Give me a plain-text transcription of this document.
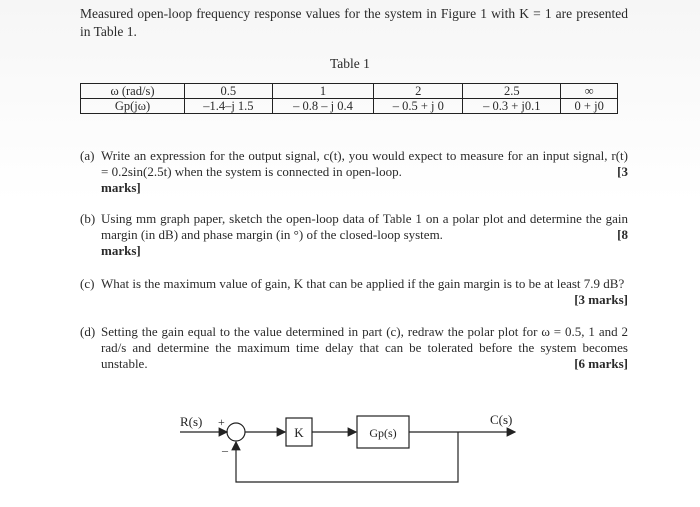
Measured open-loop frequency response values for the system in Figure 1 with K = 1 are presented in Table 1.
Table 1
ω (rad/s)	0.5	1	2	2.5	∞
Gp(jω)	–1.4–j 1.5	– 0.8 – j 0.4	– 0.5 + j 0	– 0.3 + j0.1	0 + j0
(a) Write an expression for the output signal, c(t), you would expect to measure for an input signal, r(t) = 0.2sin(2.5t) when the system is connected in open-loop.	[3

marks]
(b) Using mm graph paper, sketch the open-loop data of Table 1 on a polar plot and determine the gain margin (in dB) and phase margin (in °) of the closed-loop system.	[8

marks]
(c) What is the maximum value of gain, K that can be applied if the gain margin is to be at least 7.9 dB?
[3 marks]
(d) Setting the gain equal to the value determined in part (c), redraw the polar plot for ω = 0.5, 1 and 2 rad/s and determine the maximum time delay that can be tolerated before the system becomes unstable.	[6 marks]
R(s) +
–
K	Gp(s)
C(s)
